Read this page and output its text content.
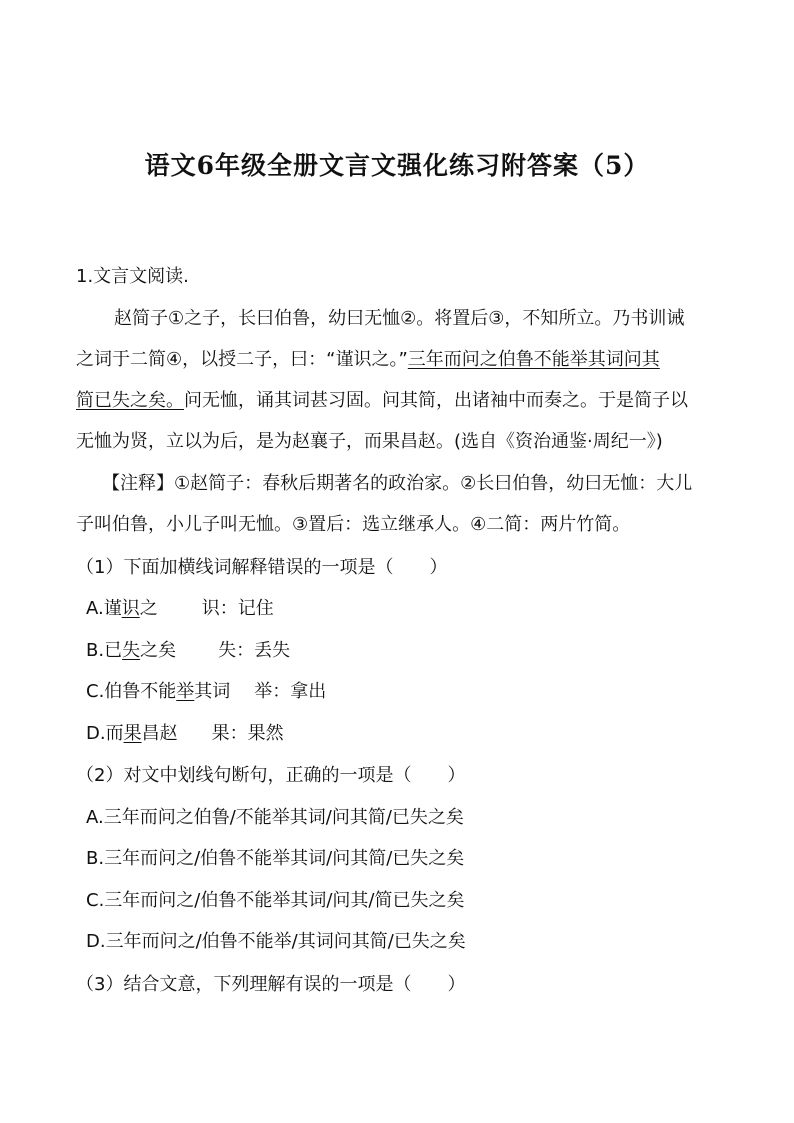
语文6年级全册文言文强化练习附答案（5）

1.文言文阅读.

赵简子①之子，长曰伯鲁，幼曰无恤②。将置后③，不知所立。乃书训诫

之词于二简④，以授二子，曰：“谨识之。”三年而问之伯鲁不能举其词问其

简已失之矣。问无恤，诵其词甚习固。问其简，出诸袖中而奏之。于是简子以

无恤为贤，立以为后，是为赵襄子，而果昌赵。(选自《资治通鉴·周纪一》)

【注释】①赵简子：春秋后期著名的政治家。②长曰伯鲁，幼曰无恤：大儿

子叫伯鲁，小儿子叫无恤。③置后：选立继承人。④二简：两片竹简。

（1）下面加横线词解释错误的一项是（　　）

A.谨识之 识：记住

B.已失之矣 失：丢失

C.伯鲁不能举其词 举：拿出

D.而果昌赵 果：果然

（2）对文中划线句断句，正确的一项是（　　）

A.三年而问之伯鲁/不能举其词/问其简/已失之矣

B.三年而问之/伯鲁不能举其词/问其简/已失之矣

C.三年而问之/伯鲁不能举其词/问其/简已失之矣

D.三年而问之/伯鲁不能举/其词问其简/已失之矣

（3）结合文意，下列理解有误的一项是（　　）
